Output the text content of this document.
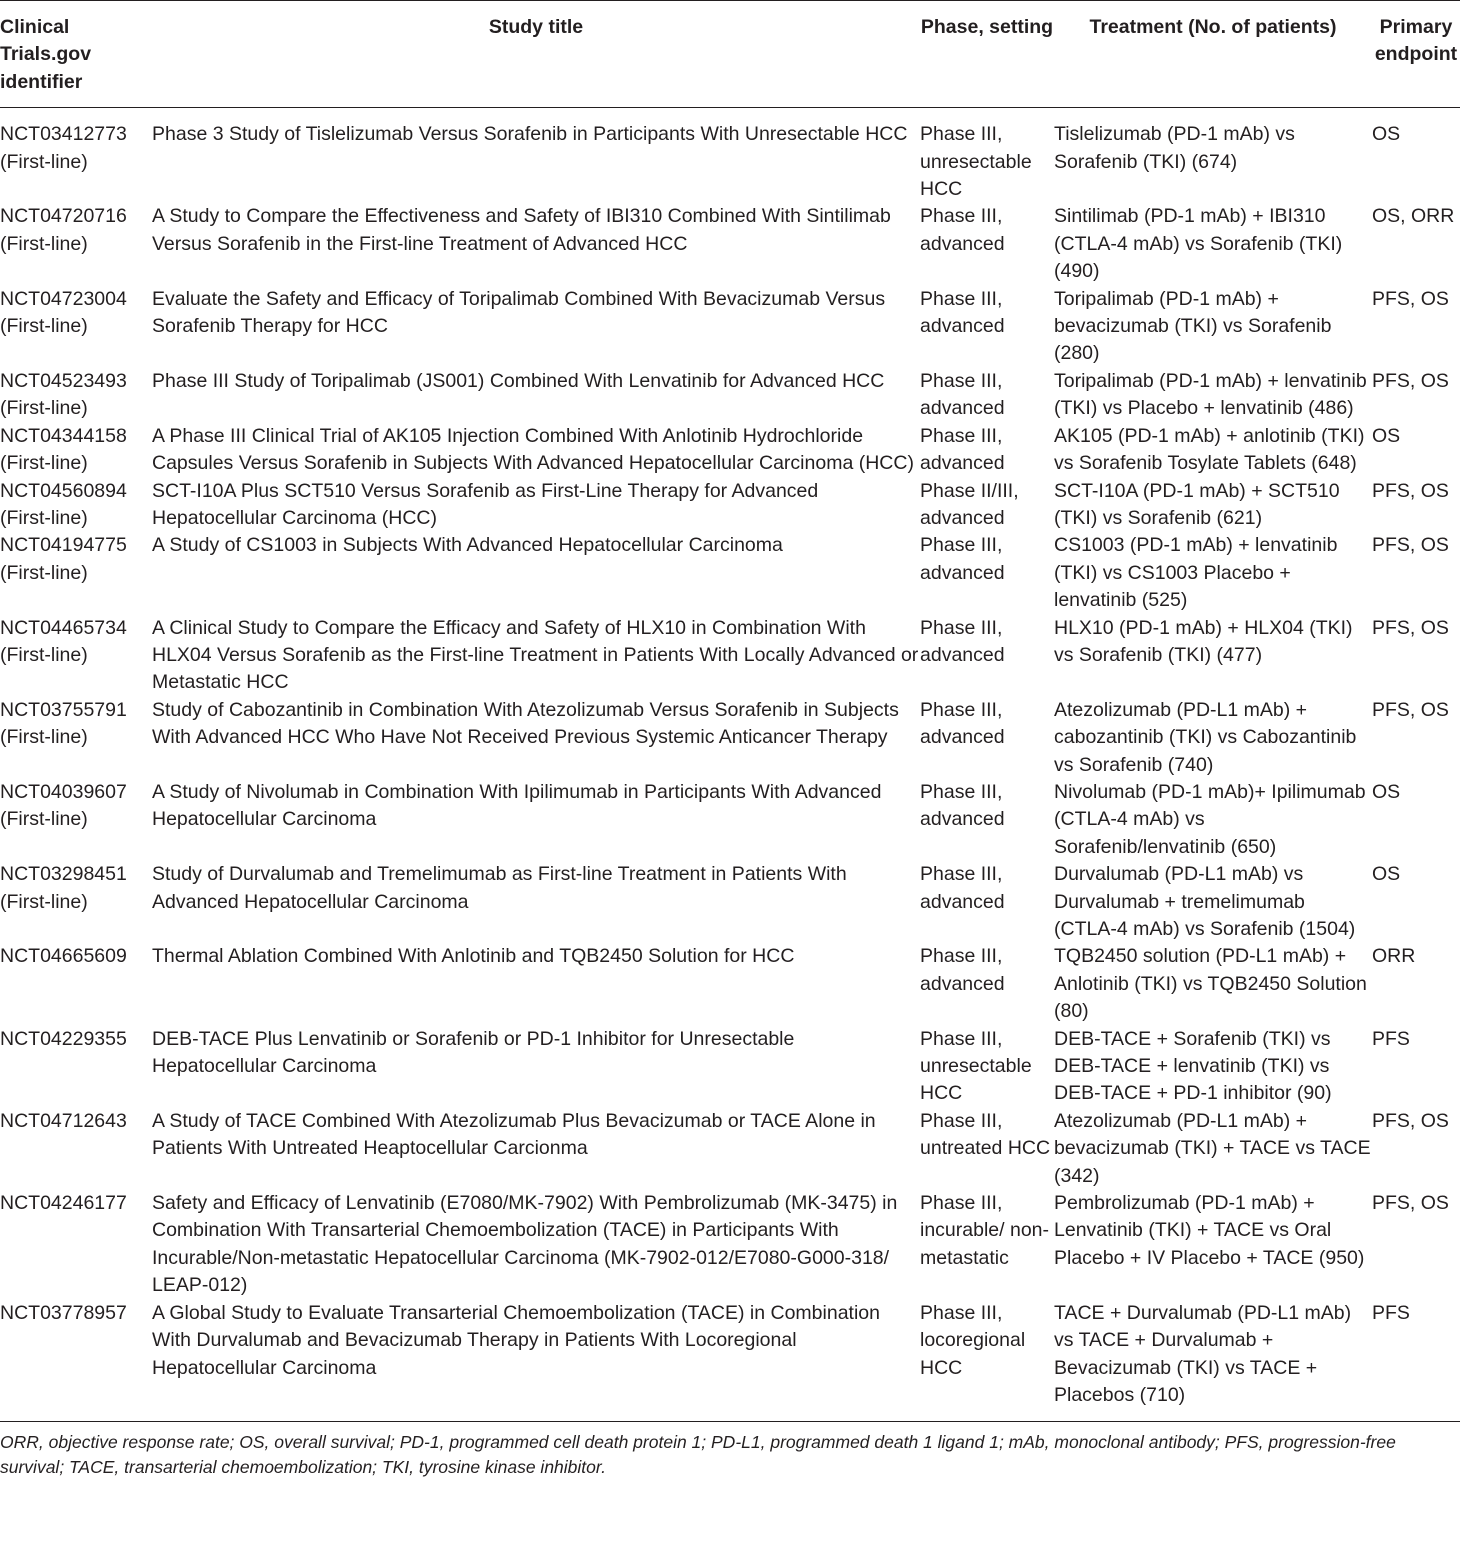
Clinical Trials.gov identifier	Study title	Phase, setting	Treatment (No. of patients)	Primary endpoint

NCT03412773
(First-line)	Phase 3 Study of Tislelizumab Versus Sorafenib in Participants With Unresectable HCC	Phase III, unresectable HCC	Tislelizumab (PD-1 mAb) vs Sorafenib (TKI) (674)	OS

NCT04720716
(First-line)	A Study to Compare the Effectiveness and Safety of IBI310 Combined With Sintilimab Versus Sorafenib in the First-line Treatment of Advanced HCC	Phase III, advanced	Sintilimab (PD-1 mAb) + IBI310 (CTLA-4 mAb) vs Sorafenib (TKI) (490)	OS, ORR

NCT04723004
(First-line)	Evaluate the Safety and Efficacy of Toripalimab Combined With Bevacizumab Versus Sorafenib Therapy for HCC	Phase III, advanced	Toripalimab (PD-1 mAb) + bevacizumab (TKI) vs Sorafenib (280)	PFS, OS

NCT04523493
(First-line)	Phase III Study of Toripalimab (JS001) Combined With Lenvatinib for Advanced HCC	Phase III, advanced	Toripalimab (PD-1 mAb) + lenvatinib (TKI) vs Placebo + lenvatinib (486)	PFS, OS

NCT04344158
(First-line)	A Phase III Clinical Trial of AK105 Injection Combined With Anlotinib Hydrochloride Capsules Versus Sorafenib in Subjects With Advanced Hepatocellular Carcinoma (HCC)	Phase III, advanced	AK105 (PD-1 mAb) + anlotinib (TKI) vs Sorafenib Tosylate Tablets (648)	OS

NCT04560894
(First-line)	SCT-I10A Plus SCT510 Versus Sorafenib as First-Line Therapy for Advanced Hepatocellular Carcinoma (HCC)	Phase II/III, advanced	SCT-I10A (PD-1 mAb) + SCT510 (TKI) vs Sorafenib (621)	PFS, OS

NCT04194775
(First-line)	A Study of CS1003 in Subjects With Advanced Hepatocellular Carcinoma	Phase III, advanced	CS1003 (PD-1 mAb) + lenvatinib (TKI) vs CS1003 Placebo + lenvatinib (525)	PFS, OS

NCT04465734
(First-line)	A Clinical Study to Compare the Efficacy and Safety of HLX10 in Combination With HLX04 Versus Sorafenib as the First-line Treatment in Patients With Locally Advanced or Metastatic HCC	Phase III, advanced	HLX10 (PD-1 mAb) + HLX04 (TKI) vs Sorafenib (TKI) (477)	PFS, OS

NCT03755791
(First-line)	Study of Cabozantinib in Combination With Atezolizumab Versus Sorafenib in Subjects With Advanced HCC Who Have Not Received Previous Systemic Anticancer Therapy	Phase III, advanced	Atezolizumab (PD-L1 mAb) + cabozantinib (TKI) vs Cabozantinib vs Sorafenib (740)	PFS, OS

NCT04039607
(First-line)	A Study of Nivolumab in Combination With Ipilimumab in Participants With Advanced Hepatocellular Carcinoma	Phase III, advanced	Nivolumab (PD-1 mAb)+ Ipilimumab (CTLA-4 mAb) vs Sorafenib/lenvatinib (650)	OS

NCT03298451
(First-line)	Study of Durvalumab and Tremelimumab as First-line Treatment in Patients With Advanced Hepatocellular Carcinoma	Phase III, advanced	Durvalumab (PD-L1 mAb) vs Durvalumab + tremelimumab (CTLA-4 mAb) vs Sorafenib (1504)	OS

NCT04665609	Thermal Ablation Combined With Anlotinib and TQB2450 Solution for HCC	Phase III, advanced	TQB2450 solution (PD-L1 mAb) + Anlotinib (TKI) vs TQB2450 Solution (80)	ORR

NCT04229355	DEB-TACE Plus Lenvatinib or Sorafenib or PD-1 Inhibitor for Unresectable Hepatocellular Carcinoma	Phase III, unresectable HCC	DEB-TACE + Sorafenib (TKI) vs DEB-TACE + lenvatinib (TKI) vs DEB-TACE + PD-1 inhibitor (90)	PFS

NCT04712643	A Study of TACE Combined With Atezolizumab Plus Bevacizumab or TACE Alone in Patients With Untreated Heaptocellular Carcionma	Phase III, untreated HCC	Atezolizumab (PD-L1 mAb) + bevacizumab (TKI) + TACE vs TACE (342)	PFS, OS

NCT04246177	Safety and Efficacy of Lenvatinib (E7080/MK-7902) With Pembrolizumab (MK-3475) in Combination With Transarterial Chemoembolization (TACE) in Participants With Incurable/Non-metastatic Hepatocellular Carcinoma (MK-7902-012/E7080-G000-318/ LEAP-012)	Phase III, incurable/ non-metastatic	Pembrolizumab (PD-1 mAb) + Lenvatinib (TKI) + TACE vs Oral Placebo + IV Placebo + TACE (950)	PFS, OS

NCT03778957	A Global Study to Evaluate Transarterial Chemoembolization (TACE) in Combination With Durvalumab and Bevacizumab Therapy in Patients With Locoregional Hepatocellular Carcinoma	Phase III, locoregional HCC	TACE + Durvalumab (PD-L1 mAb) vs TACE + Durvalumab + Bevacizumab (TKI) vs TACE + Placebos (710)	PFS
ORR, objective response rate; OS, overall survival; PD-1, programmed cell death protein 1; PD-L1, programmed death 1 ligand 1; mAb, monoclonal antibody; PFS, progression-free survival; TACE, transarterial chemoembolization; TKI, tyrosine kinase inhibitor.
